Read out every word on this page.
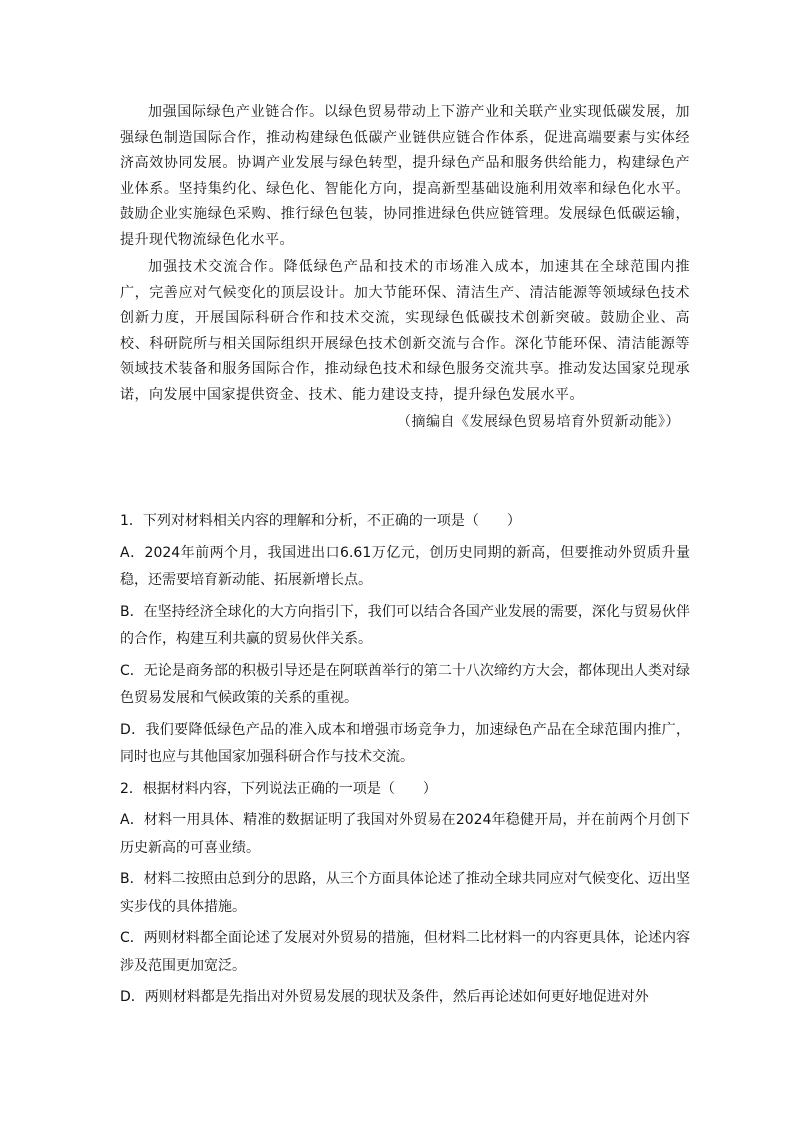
加强国际绿色产业链合作。以绿色贸易带动上下游产业和关联产业实现低碳发展，加强绿色制造国际合作，推动构建绿色低碳产业链供应链合作体系，促进高端要素与实体经济高效协同发展。协调产业发展与绿色转型，提升绿色产品和服务供给能力，构建绿色产业体系。坚持集约化、绿色化、智能化方向，提高新型基础设施利用效率和绿色化水平。鼓励企业实施绿色采购、推行绿色包装，协同推进绿色供应链管理。发展绿色低碳运输，提升现代物流绿色化水平。

加强技术交流合作。降低绿色产品和技术的市场准入成本，加速其在全球范围内推广，完善应对气候变化的顶层设计。加大节能环保、清洁生产、清洁能源等领域绿色技术创新力度，开展国际科研合作和技术交流，实现绿色低碳技术创新突破。鼓励企业、高校、科研院所与相关国际组织开展绿色技术创新交流与合作。深化节能环保、清洁能源等领域技术装备和服务国际合作，推动绿色技术和绿色服务交流共享。推动发达国家兑现承诺，向发展中国家提供资金、技术、能力建设支持，提升绿色发展水平。

（摘编自《发展绿色贸易培育外贸新动能》）

1．下列对材料相关内容的理解和分析，不正确的一项是（　　）

A．2024年前两个月，我国进出口6.61万亿元，创历史同期的新高，但要推动外贸质升量稳，还需要培育新动能、拓展新增长点。

B．在坚持经济全球化的大方向指引下，我们可以结合各国产业发展的需要，深化与贸易伙伴的合作，构建互利共赢的贸易伙伴关系。

C．无论是商务部的积极引导还是在阿联酋举行的第二十八次缔约方大会，都体现出人类对绿色贸易发展和气候政策的关系的重视。

D．我们要降低绿色产品的准入成本和增强市场竞争力，加速绿色产品在全球范围内推广，同时也应与其他国家加强科研合作与技术交流。

2．根据材料内容，下列说法正确的一项是（　　）

A．材料一用具体、精准的数据证明了我国对外贸易在2024年稳健开局，并在前两个月创下历史新高的可喜业绩。

B．材料二按照由总到分的思路，从三个方面具体论述了推动全球共同应对气候变化、迈出坚实步伐的具体措施。

C．两则材料都全面论述了发展对外贸易的措施，但材料二比材料一的内容更具体，论述内容涉及范围更加宽泛。

D．两则材料都是先指出对外贸易发展的现状及条件，然后再论述如何更好地促进对外
